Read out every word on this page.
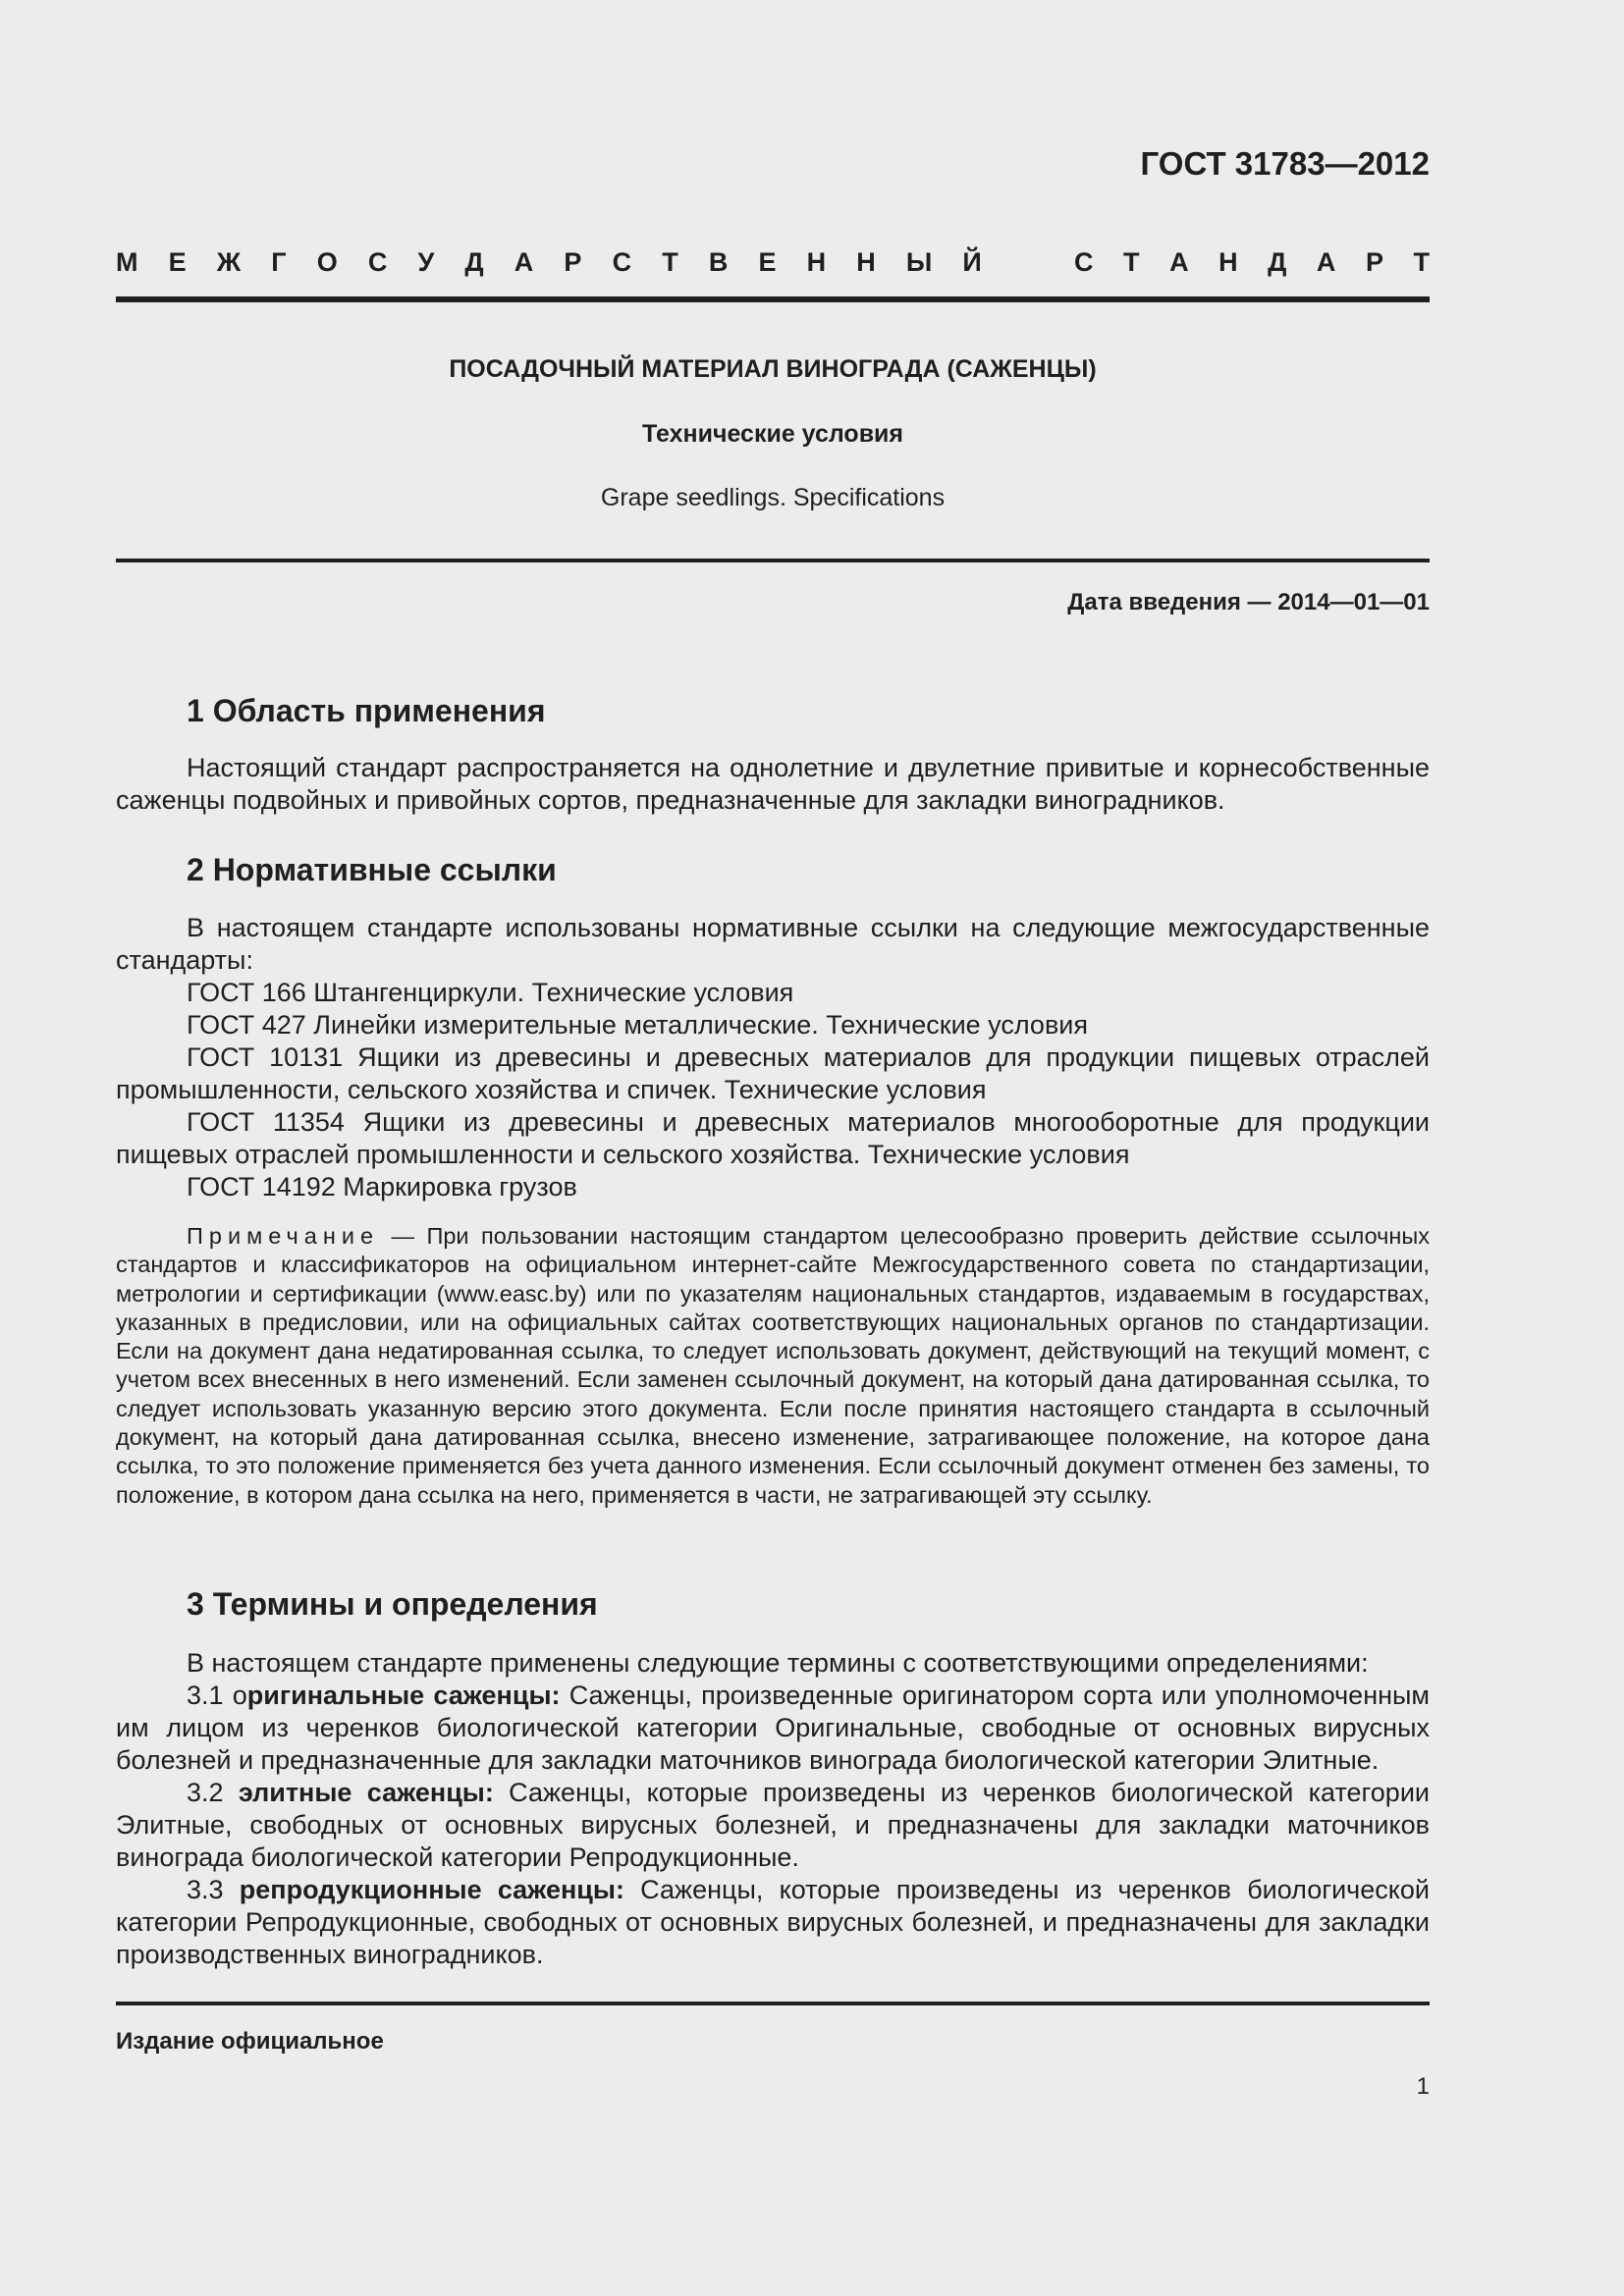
ГОСТ 31783—2012
М Е Ж Г О С У Д А Р С Т В Е Н Н Ы Й	С Т А Н Д А Р Т
ПОСАДОЧНЫЙ МАТЕРИАЛ ВИНОГРАДА (САЖЕНЦЫ)
Технические условия
Grape seedlings. Specifications
Дата введения — 2014—01—01
1 Область применения

Настоящий стандарт распространяется на однолетние и двулетние привитые и корнесобственные саженцы подвойных и привойных сортов, предназначенные для закладки виноградников.

2 Нормативные ссылки

В настоящем стандарте использованы нормативные ссылки на следующие межгосударственные стандарты:

ГОСТ 166 Штангенциркули. Технические условия

ГОСТ 427 Линейки измерительные металлические. Технические условия

ГОСТ 10131 Ящики из древесины и древесных материалов для продукции пищевых отраслей промышленности, сельского хозяйства и спичек. Технические условия

ГОСТ 11354 Ящики из древесины и древесных материалов многооборотные для продукции пищевых отраслей промышленности и сельского хозяйства. Технические условия

ГОСТ 14192 Маркировка грузов

Примечание — При пользовании настоящим стандартом целесообразно проверить действие ссылочных стандартов и классификаторов на официальном интернет-сайте Межгосударственного совета по стандартизации, метрологии и сертификации (www.easc.by) или по указателям национальных стандартов, издаваемым в государствах, указанных в предисловии, или на официальных сайтах соответствующих национальных органов по стандартизации. Если на документ дана недатированная ссылка, то следует использовать документ, действующий на текущий момент, с учетом всех внесенных в него изменений. Если заменен ссылочный документ, на который дана датированная ссылка, то следует использовать указанную версию этого документа. Если после принятия настоящего стандарта в ссылочный документ, на который дана датированная ссылка, внесено изменение, затрагивающее положение, на которое дана ссылка, то это положение применяется без учета данного изменения. Если ссылочный документ отменен без замены, то положение, в котором дана ссылка на него, применяется в части, не затрагивающей эту ссылку.

3 Термины и определения

В настоящем стандарте применены следующие термины с соответствующими определениями:

3.1 оригинальные саженцы: Саженцы, произведенные оригинатором сорта или уполномоченным им лицом из черенков биологической категории Оригинальные, свободные от основных вирусных болезней и предназначенные для закладки маточников винограда биологической категории Элитные.

3.2 элитные саженцы: Саженцы, которые произведены из черенков биологической категории Элитные, свободных от основных вирусных болезней, и предназначены для закладки маточников винограда биологической категории Репродукционные.

3.3 репродукционные саженцы: Саженцы, которые произведены из черенков биологической категории Репродукционные, свободных от основных вирусных болезней, и предназначены для закладки производственных виноградников.

Издание официальное
1
